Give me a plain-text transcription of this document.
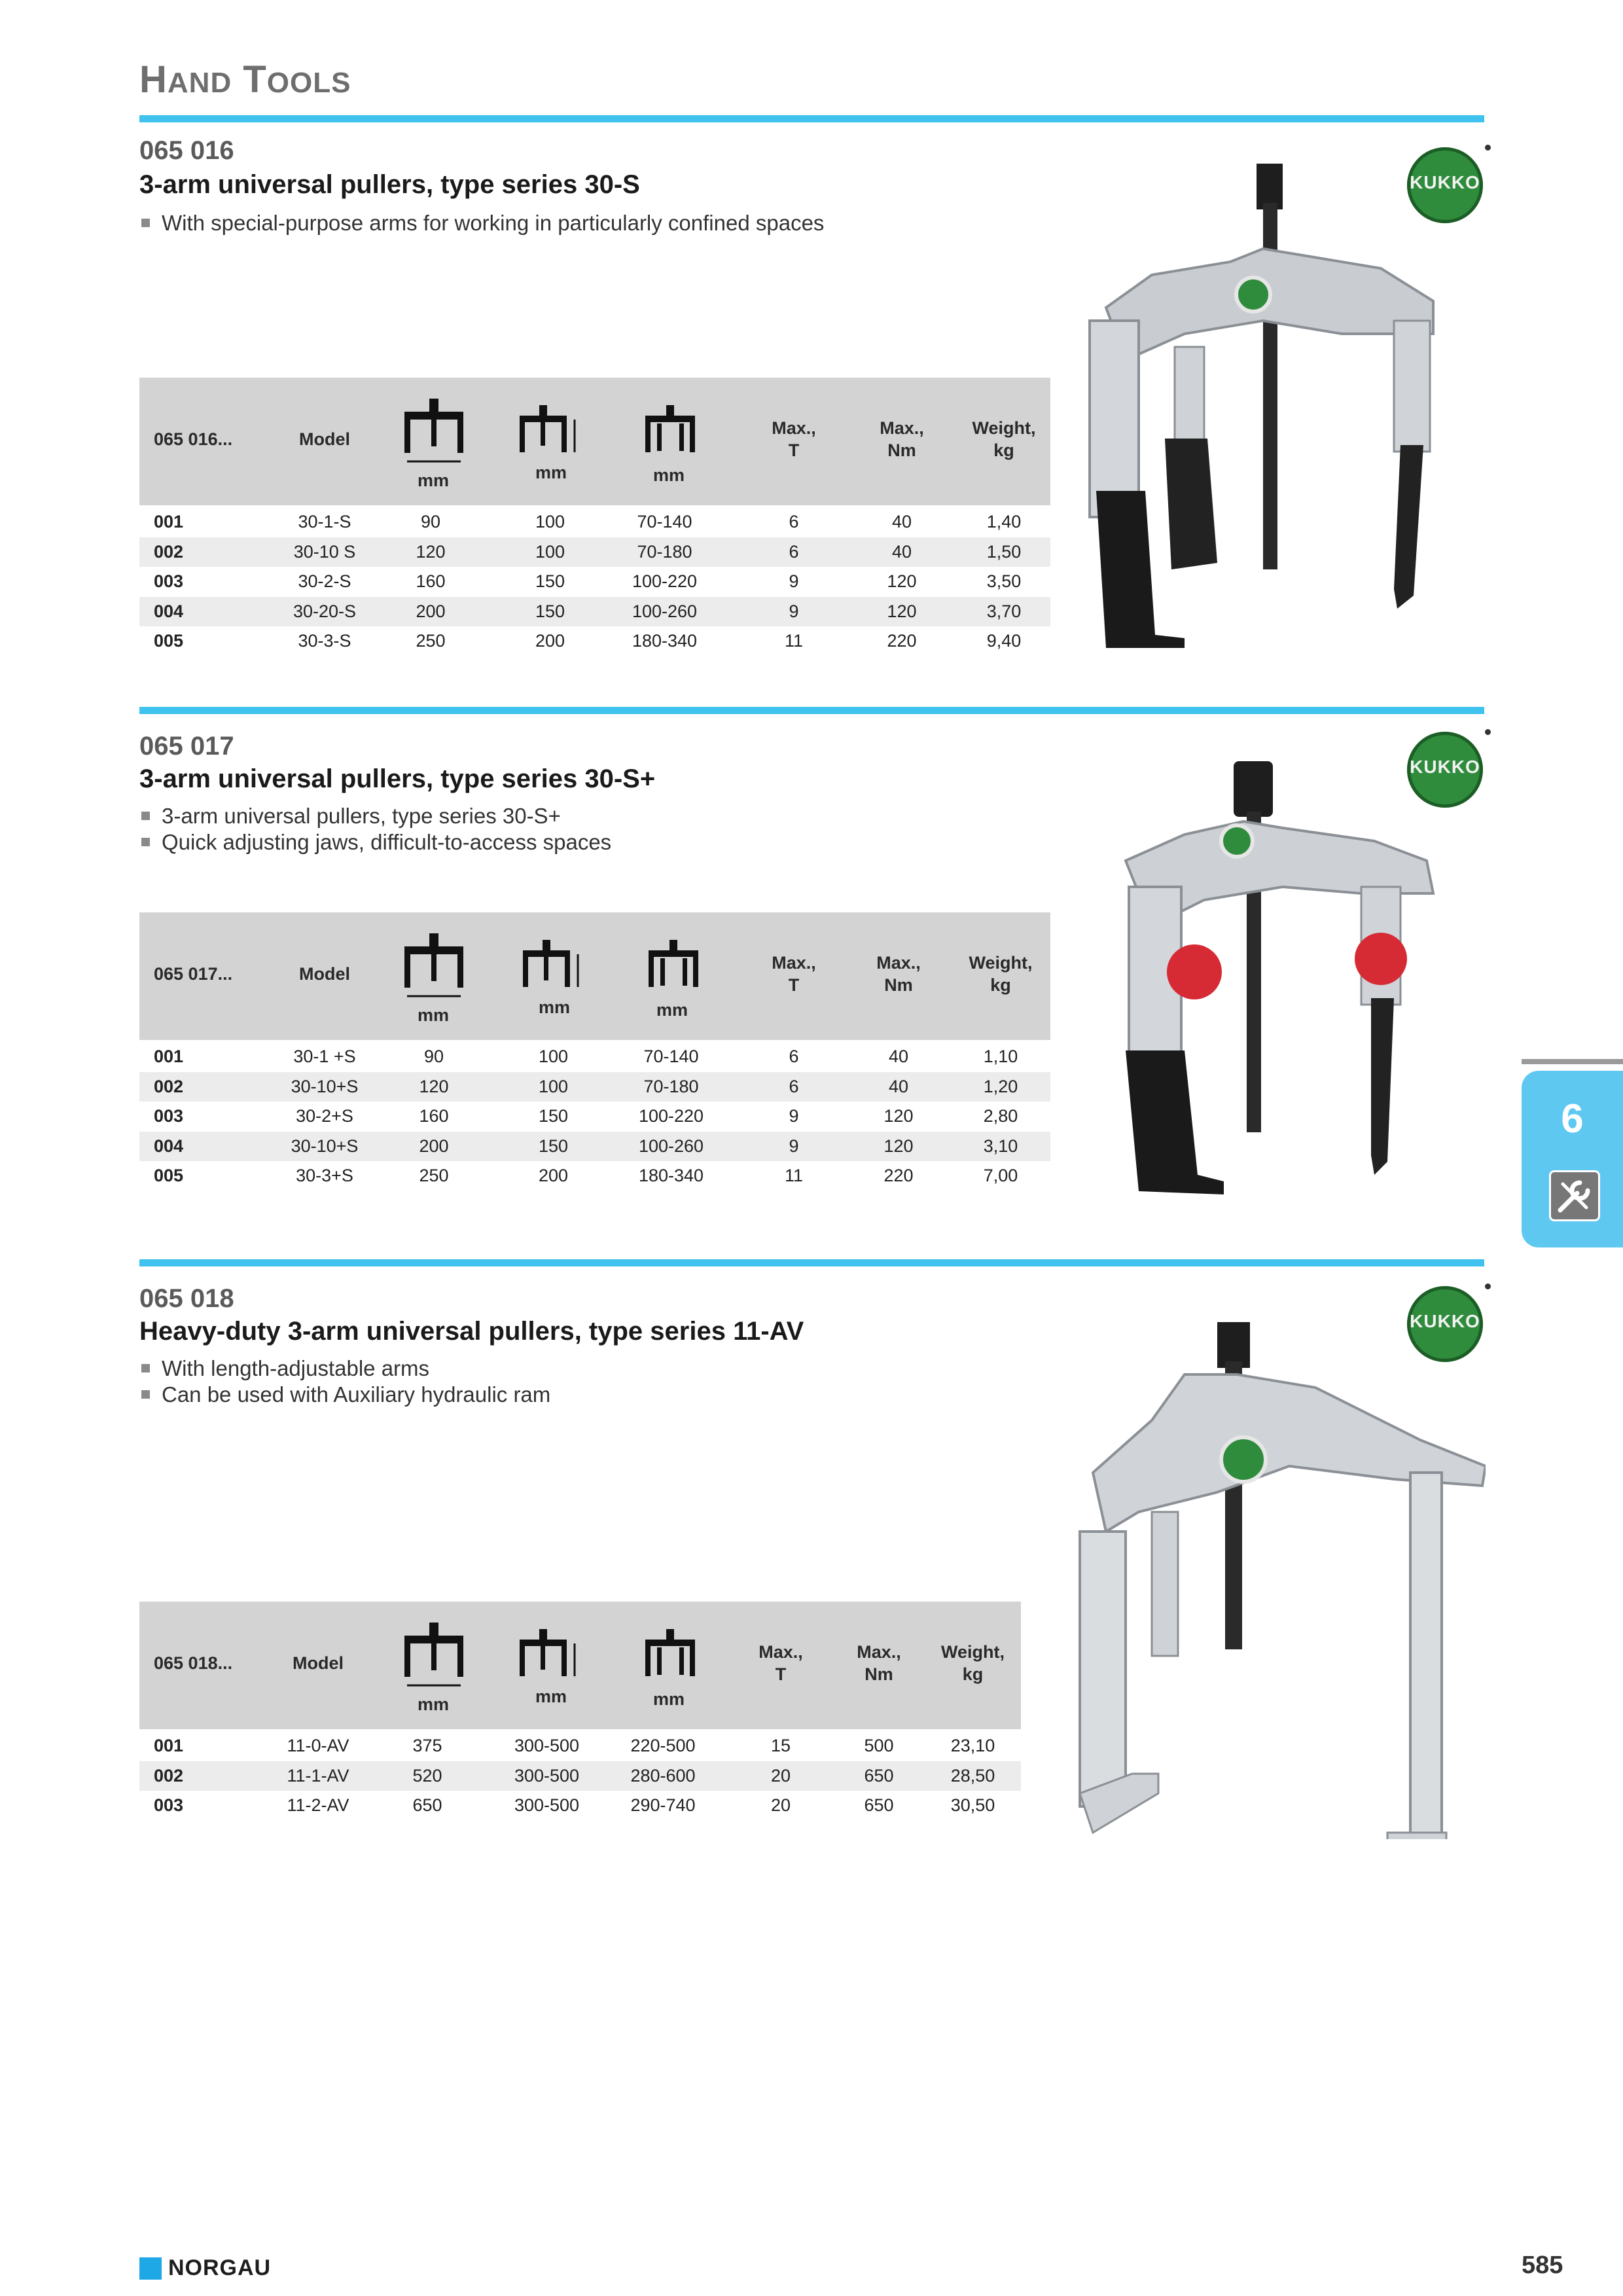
HAND TOOLS
065 016
3-arm universal pullers, type series 30-S
With special-purpose arms for working in particularly confined spaces
KUKKO
065 016...	Model
mm	mm	mm
Max.,
T
Max.,
Nm
Weight,
kg
065 017
3-arm universal pullers, type series 30-S+
3-arm universal pullers, type series 30-S+
Quick adjusting jaws, difficult-to-access spaces
KUKKO
065 017...	Model
mm	mm	mm
Max.,
T
Max.,
Nm
Weight,
kg
065 018
Heavy-duty 3-arm universal pullers, type series 11-AV
With length-adjustable arms
Can be used with Auxiliary hydraulic ram
KUKKO
065 018...	Model
mm	mm	mm
Max.,
T
Max.,
Nm
Weight,
kg
6
NORGAU	585
001	30-1-S	90	100	70-140	6	40	1,40
002	30-10 S	120	100	70-180	6	40	1,50
003	30-2-S	160	150	100-220	9	120	3,50
004	30-20-S	200	150	100-260	9	120	3,70
005	30-3-S	250	200	180-340	11	220	9,40
001	30-1 +S	90	100	70-140	6	40	1,10
002	30-10+S	120	100	70-180	6	40	1,20
003	30-2+S	160	150	100-220	9	120	2,80
004	30-10+S	200	150	100-260	9	120	3,10
005	30-3+S	250	200	180-340	11	220	7,00
001	11-0-AV	375	300-500	220-500	15	500	23,10
002	11-1-AV	520	300-500	280-600	20	650	28,50
003	11-2-AV	650	300-500	290-740	20	650	30,50
